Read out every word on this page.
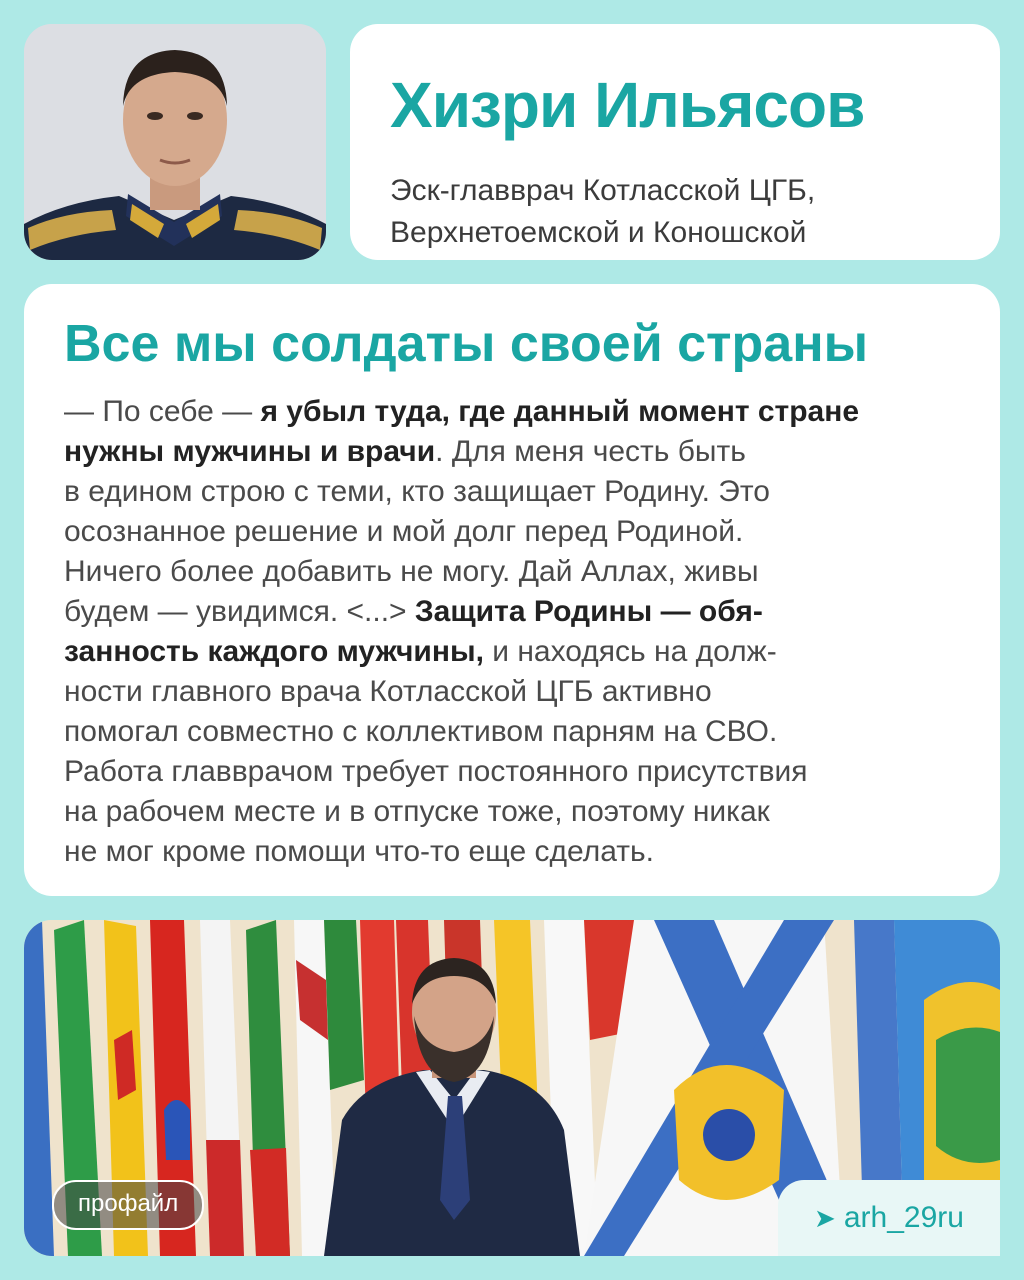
Хизри Ильясов
Эск-главврач Котласской ЦГБ,
Верхнетоемской и Коношской
Все мы солдаты своей страны
— По себе — я убыл туда, где данный момент стране
нужны мужчины и врачи. Для меня честь быть
в едином строю с теми, кто защищает Родину. Это
осознанное решение и мой долг перед Родиной.
Ничего более добавить не могу. Дай Аллах, живы
будем — увидимся. <...> Защита Родины — обя-
занность каждого мужчины, и находясь на долж-
ности главного врача Котласской ЦГБ активно
помогал совместно с коллективом парням на СВО.
Работа главврачом требует постоянного присутствия
на рабочем месте и в отпуске тоже, поэтому никак
не мог кроме помощи что-то еще сделать.
профайл	➤ arh_29ru
